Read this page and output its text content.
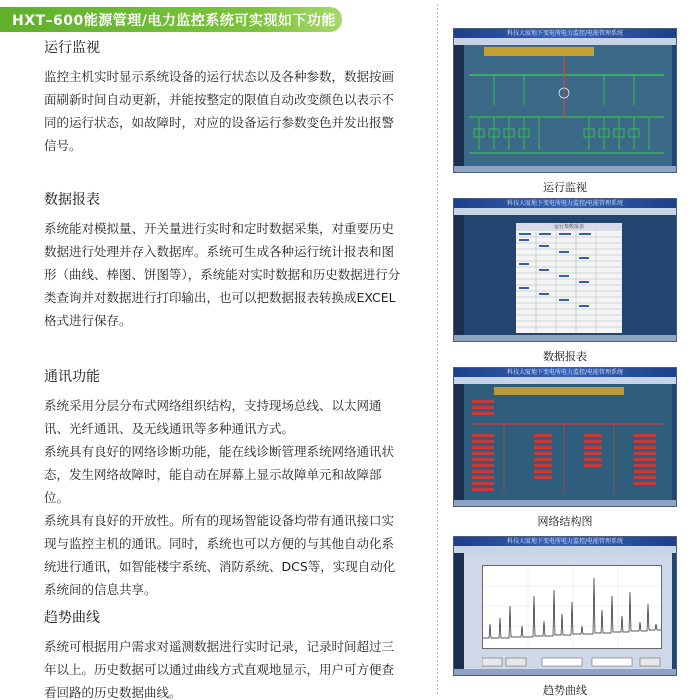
HXT–600能源管理/电力监控系统可实现如下功能
运行监视

监控主机实时显示系统设备的运行状态以及各种参数，数据按画面刷新时间自动更新，并能按整定的限值自动改变颜色以表示不同的运行状态，如故障时，对应的设备运行参数变色并发出报警信号。

数据报表

系统能对模拟量、开关量进行实时和定时数据采集，对重要历史数据进行处理并存入数据库。系统可生成各种运行统计报表和图形（曲线、棒图、饼图等），系统能对实时数据和历史数据进行分类查询并对数据进行打印输出，也可以把数据报表转换成EXCEL格式进行保存。

通讯功能

系统采用分层分布式网络组织结构，支持现场总线、以太网通讯、光纤通讯、及无线通讯等多种通讯方式。

系统具有良好的网络诊断功能，能在线诊断管理系统网络通讯状态，发生网络故障时，能自动在屏幕上显示故障单元和故障部位。

系统具有良好的开放性。所有的现场智能设备均带有通讯接口实现与监控主机的通讯。同时，系统也可以方便的与其他自动化系统进行通讯，如智能楼宇系统、消防系统、DCS等，实现自动化系统间的信息共享。

趋势曲线

系统可根据用户需求对遥测数据进行实时记录，记录时间超过三年以上。历史数据可以通过曲线方式直观地显示，用户可方便查看回路的历史数据曲线。

科技大厦地下变电所电力监控/电能管理系统
运行监视
科技大厦地下变电所电力监控/电能管理系统
运行参数报表
数据报表
科技大厦地下变电所电力监控/电能管理系统
网络结构图
科技大厦地下变电所电力监控/电能管理系统
趋势曲线
